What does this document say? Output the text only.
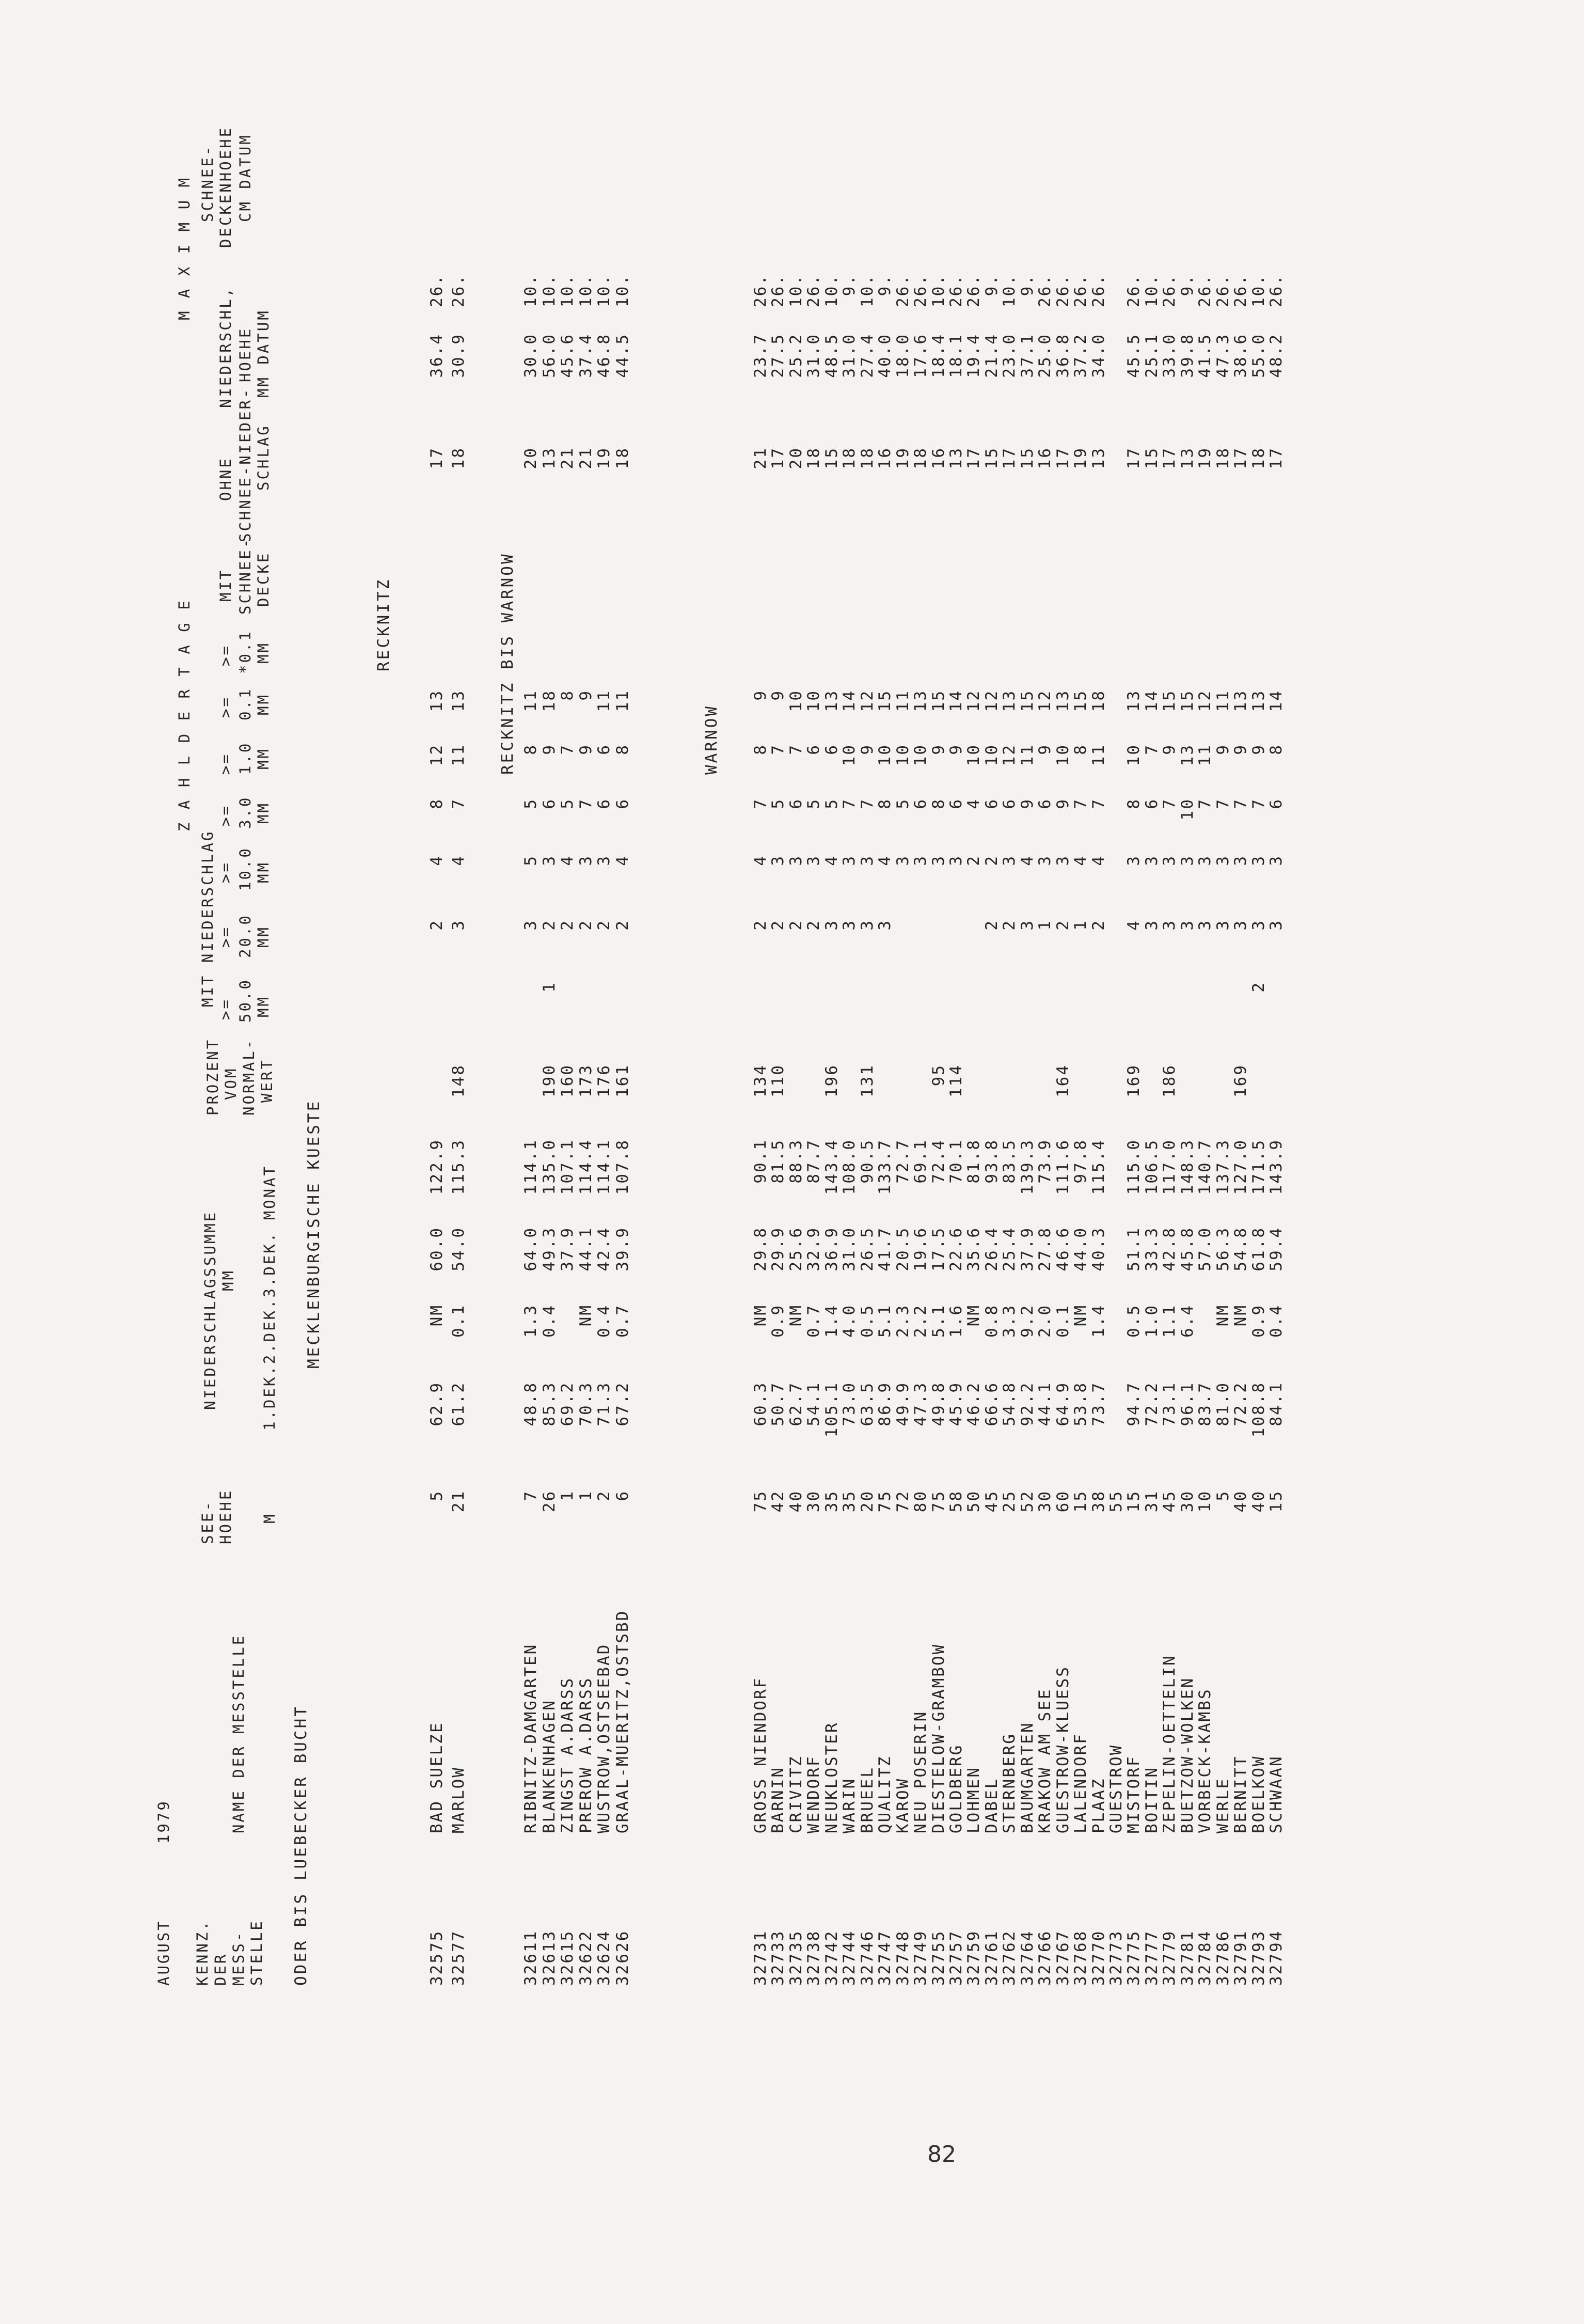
AUGUST
1979
KENNZ. DER MESS- STELLE
NAME DER MESSTELLE
SEE- HOEHE M
NIEDERSCHLAGSSUMME MM 1.DEK.2.DEK.3.DEK. MONAT
PROZENT VOM NORMAL- WERT
Z A H L D E R T A G E
MIT NIEDERSCHLAG
>=
>=
>=
>=
>=
>=
>=
50.0
20.0
10.0
3.0
1.0
0.1
*0.1
MM
MM
MM
MM
MM
MM
MM
MIT SCHNEE- DECKE
OHNE SCHNEE-NIEDER- SCHLAG
M A X I M U M
NIEDERSCHL, HOEHE MM DATUM
SCHNEE- DECKENHOEHE CM DATUM
ODER BIS LUEBECKER BUCHT
MECKLENBURGISCHE KUESTE
RECKNITZ	RECKNITZ BIS WARNOW	WARNOW
32575
BAD SUELZE
5
62.9
NM
60.0
122.9
2
4
8
12
13
17
36.4
26.
32577
MARLOW
21
61.2
0.1
54.0
115.3
148
3
4
7
11
13
18
30.9
26.
32611
RIBNITZ-DAMGARTEN
7
48.8
1.3
64.0
114.1
3
5
5
8
11
20
30.0
10.
32613
BLANKENHAGEN
26
85.3
0.4
49.3
135.0
190
1
2
3
6
9
18
13
56.0
10.
32615
ZINGST A.DARSS
1
69.2
37.9
107.1
160
2
4
5
7
8
21
45.6
10.
32622
PREROW A.DARSS
1
70.3
NM
44.1
114.4
173
2
3
7
9
9
21
37.4
10.
32624
WUSTROW,OSTSEEBAD
2
71.3
0.4
42.4
114.1
176
2
3
6
6
11
19
46.8
10.
32626
GRAAL-MUERITZ,OSTSBD
6
67.2
0.7
39.9
107.8
161
2
4
6
8
11
18
44.5
10.
32731
GROSS NIENDORF
75
60.3
NM
29.8
90.1
134
2
4
7
8
9
21
23.7
26.
32733
BARNIN
42
50.7
0.9
29.9
81.5
110
2
3
5
7
9
17
27.5
26.
32735
CRIVITZ
40
62.7
NM
25.6
88.3
2
3
6
7
10
20
25.2
10.
32738
WENDORF
30
54.1
0.7
32.9
87.7
2
3
5
6
10
18
31.0
26.
32742
NEUKLOSTER
35
105.1
1.4
36.9
143.4
196
3
4
5
6
13
15
48.5
10.
32744
WARIN
35
73.0
4.0
31.0
108.0
3
3
7
10
14
18
31.0
9.
32746
BRUEEL
20
63.5
0.5
26.5
90.5
131
3
3
7
9
12
18
27.4
10.
32747
QUALITZ
75
86.9
5.1
41.7
133.7
3
4
8
10
15
16
40.0
9.
32748
KAROW
72
49.9
2.3
20.5
72.7
3
5
10
11
19
18.0
26.
32749
NEU POSERIN
80
47.3
2.2
19.6
69.1
3
6
10
13
18
17.6
26.
32755
DIESTELOW-GRAMBOW
75
49.8
5.1
17.5
72.4
95
3
8
9
15
16
18.4
10.
32757
GOLDBERG
58
45.9
1.6
22.6
70.1
114
3
6
9
14
13
18.1
26.
32759
LOHMEN
50
46.2
NM
35.6
81.8
2
4
10
12
17
19.4
26.
32761
DABEL
45
66.6
0.8
26.4
93.8
2
2
6
10
12
15
21.4
9.
32762
STERNBERG
25
54.8
3.3
25.4
83.5
2
3
6
12
13
17
23.0
10.
32764
BAUMGARTEN
52
92.2
9.2
37.9
139.3
3
4
9
11
15
15
37.1
9.
32766
KRAKOW AM SEE
30
44.1
2.0
27.8
73.9
1
3
6
9
12
16
25.0
26.
32767
GUESTROW-KLUESS
60
64.9
0.1
46.6
111.6
164
2
3
9
10
13
17
36.8
26.
32768
LALENDORF
15
53.8
NM
44.0
97.8
1
4
7
8
15
19
37.2
26.
32770
PLAAZ
38
73.7
1.4
40.3
115.4
2
4
7
11
18
13
34.0
26.
32773
GUESTROW
55
32775
MISTORF
15
94.7
0.5
51.1
115.0
169
4
3
8
10
13
17
45.5
26.
32777
BOITIN
31
72.2
1.0
33.3
106.5
3
3
6
7
14
15
25.1
10.
32779
ZEPELIN-OETTELIN
45
73.1
1.1
42.8
117.0
186
3
3
7
9
15
17
33.0
26.
32781
BUETZOW-WOLKEN
30
96.1
6.4
45.8
148.3
3
3
10
13
15
13
39.8
9.
32784
VORBECK-KAMBS
10
83.7
57.0
140.7
3
3
7
11
12
19
41.5
26.
32786
WERLE
5
81.0
NM
56.3
137.3
3
3
7
9
11
18
47.3
26.
32791
BERNITT
40
72.2
NM
54.8
127.0
169
3
3
7
9
13
17
38.6
26.
32793
BOELKOW
40
108.8
0.9
61.8
171.5
2
3
3
7
9
13
18
55.0
10.
32794
SCHWAAN
15
84.1
0.4
59.4
143.9
3
3
6
8
14
17
48.2
26.
82
